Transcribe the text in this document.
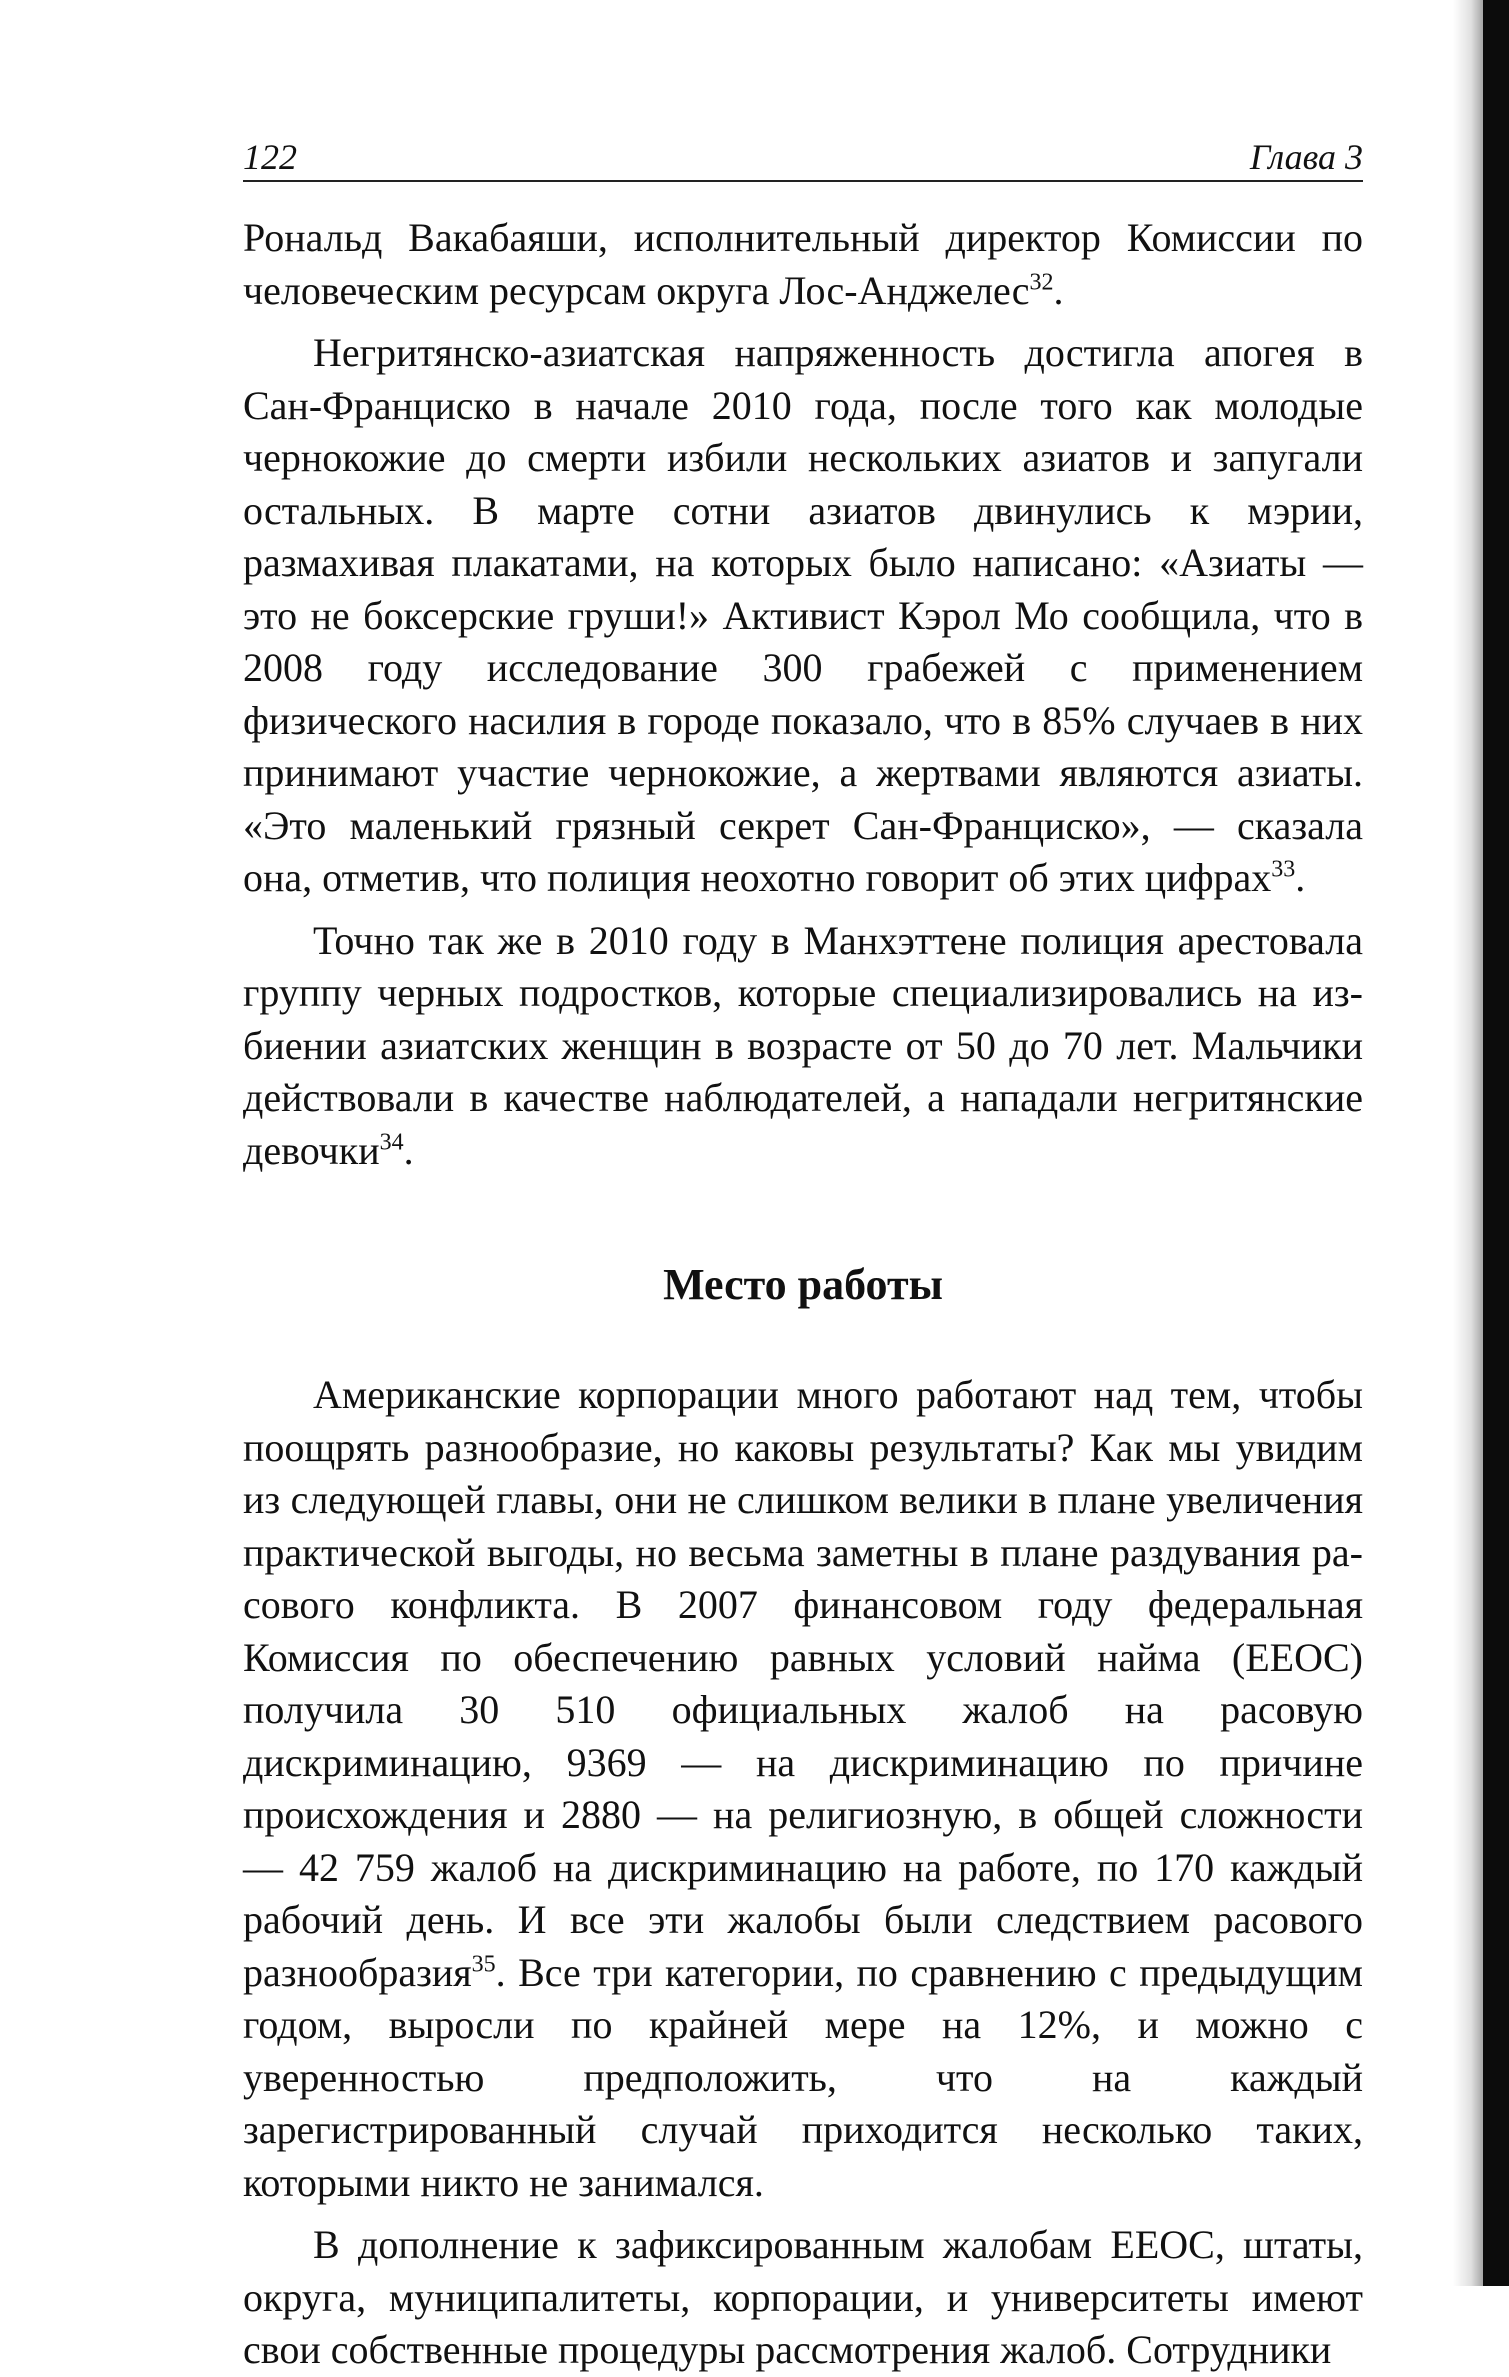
122	Глава 3

Рональд Вакабаяши, исполнительный директор Комиссии по человеческим ресурсам округа Лос-Анджелес$^{32}$.

Негритянско-азиатская напряженность достигла апогея в Сан-Франциско в начале 2010 года, после того как молодые чернокожие до смерти избили нескольких азиатов и запугали остальных. В марте сотни азиатов двинулись к мэрии, размахивая плакатами, на которых было написано: «Азиаты — это не боксерские груши!» Активист Кэрол Мо сообщила, что в 2008 году исследование 300 грабежей с применением физического насилия в городе показало, что в 85% случаев в них принимают участие чернокожие, а жертвами являются азиаты. «Это маленький грязный секрет Сан-Франциско», — сказала она, отметив, что полиция неохотно говорит об этих цифрах$^{33}$.

Точно так же в 2010 году в Манхэттене полиция арестовала группу черных подростков, которые специализировались на избиении азиатских женщин в возрасте от 50 до 70 лет. Мальчики действовали в качестве наблюдателей, а нападали негритянские девочки$^{34}$.

Место работы

Американские корпорации много работают над тем, чтобы поощрять разнообразие, но каковы результаты? Как мы увидим из следующей главы, они не слишком велики в плане увеличения практической выгоды, но весьма заметны в плане раздувания расового конфликта. В 2007 финансовом году федеральная Комиссия по обеспечению равных условий найма (EEOC) получила 30 510 официальных жалоб на расовую дискриминацию, 9369 — на дискриминацию по причине происхождения и 2880 — на религиозную, в общей сложности — 42 759 жалоб на дискриминацию на работе, по 170 каждый рабочий день. И все эти жалобы были следствием расового разнообразия$^{35}$. Все три категории, по сравнению с предыдущим годом, выросли по крайней мере на 12%, и можно с уверенностью предположить, что на каждый зарегистрированный случай приходится несколько таких, которыми никто не занимался.

В дополнение к зафиксированным жалобам EEOC, штаты, округа, муниципалитеты, корпорации, и университеты имеют свои собственные процедуры рассмотрения жалоб. Сотрудники
